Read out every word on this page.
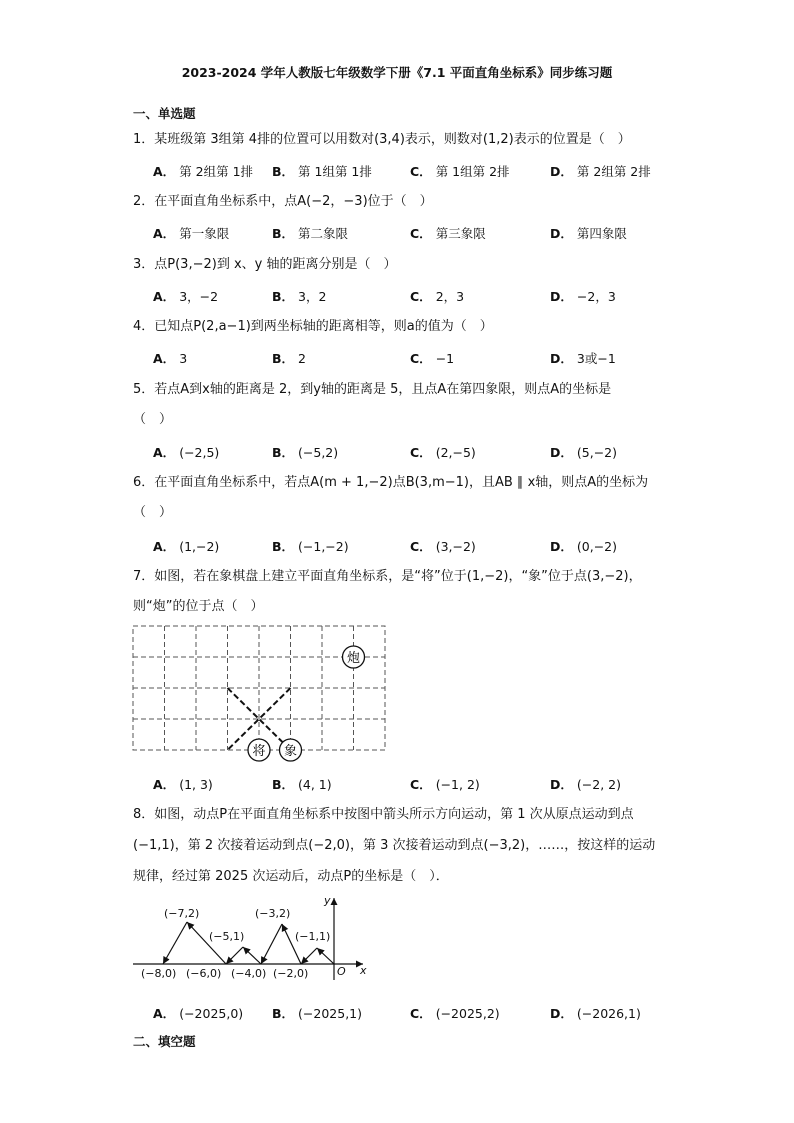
2023-2024 学年人教版七年级数学下册《7.1 平面直角坐标系》同步练习题
一、单选题
1．某班级第 3组第 4排的位置可以用数对(3,4)表示，则数对(1,2)表示的位置是（　）
A． 第 2组第 1排 B． 第 1组第 1排	C． 第 1组第 2排	D． 第 2组第 2排
2．在平面直角坐标系中，点A(−2，−3)位于（　）
A． 第一象限	B． 第二象限	C． 第三象限	D． 第四象限
3．点P(3,−2)到 x、y 轴的距离分别是（　）
A． 3，−2	B． 3，2	C． 2，3	D． −2，3
4．已知点P(2,a−1)到两坐标轴的距离相等，则a的值为（　）
A． 3	B． 2	C． −1	D． 3或−1
5．若点A到x轴的距离是 2，到y轴的距离是 5，且点A在第四象限，则点A的坐标是
（　）
A． (−2,5)	B． (−5,2)	C． (2,−5)	D． (5,−2)
6．在平面直角坐标系中，若点A(m + 1,−2)点B(3,m−1)，且AB ∥ x轴，则点A的坐标为
（　）
A． (1,−2)	B． (−1,−2)	C． (3,−2)	D． (0,−2)
7．如图，若在象棋盘上建立平面直角坐标系，是“将”位于(1,−2)，“象”位于点(3,−2)，
则“炮”的位于点（　）
炮
将 象
A． (1, 3)	B． (4, 1)	C． (−1, 2)	D． (−2, 2)
8．如图，动点P在平面直角坐标系中按图中箭头所示方向运动，第 1 次从原点运动到点
(−1,1)，第 2 次接着运动到点(−2,0)，第 3 次接着运动到点(−3,2)，……，按这样的运动
规律，经过第 2025 次运动后，动点P的坐标是（　）．
(−7,2)
(−5,1)
(−3,2)
(−1,1)
(−8,0) (−6,0) (−4,0) (−2,0)	O x
y
A． (−2025,0) B． (−2025,1)	C． (−2025,2)	D． (−2026,1)
二、填空题
